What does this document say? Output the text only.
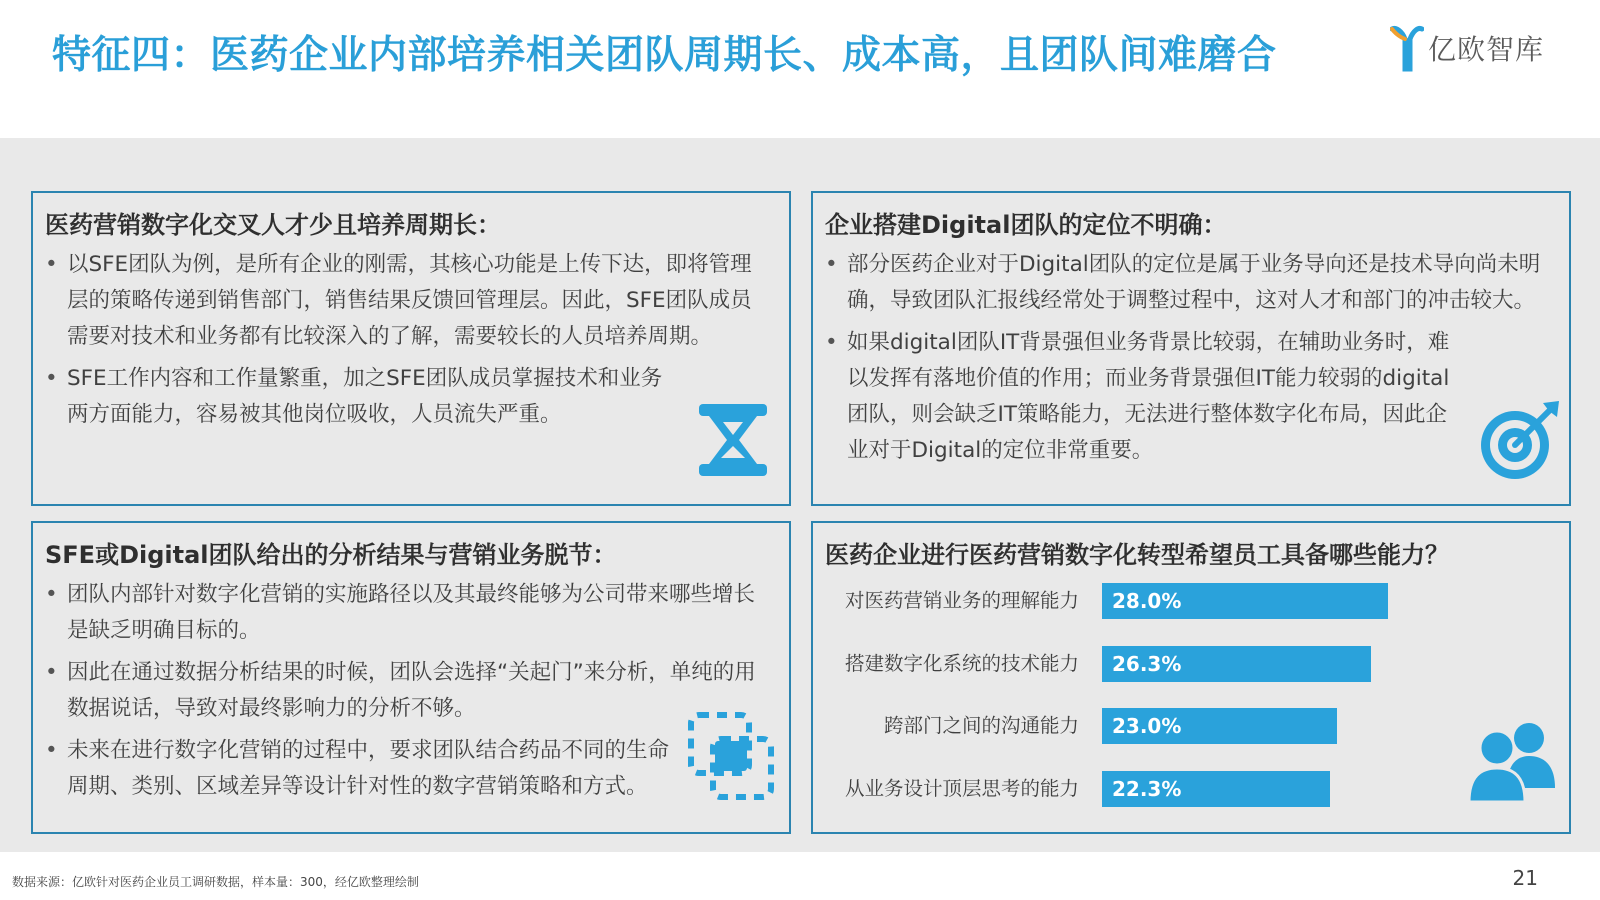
特征四：医药企业内部培养相关团队周期长、成本高，且团队间难磨合	亿欧智库
医药营销数字化交叉人才少且培养周期长：
• 以SFE团队为例，是所有企业的刚需，其核心功能是上传下达，即将管理层的策略传递到销售部门，销售结果反馈回管理层。因此，SFE团队成员需要对技术和业务都有比较深入的了解，需要较长的人员培养周期。
• SFE工作内容和工作量繁重，加之SFE团队成员掌握技术和业务两方面能力，容易被其他岗位吸收，人员流失严重。
企业搭建Digital团队的定位不明确：
• 部分医药企业对于Digital团队的定位是属于业务导向还是技术导向尚未明确，导致团队汇报线经常处于调整过程中，这对人才和部门的冲击较大。
• 如果digital团队IT背景强但业务背景比较弱，在辅助业务时，难以发挥有落地价值的作用；而业务背景强但IT能力较弱的digital团队，则会缺乏IT策略能力，无法进行整体数字化布局，因此企业对于Digital的定位非常重要。
SFE或Digital团队给出的分析结果与营销业务脱节：
• 团队内部针对数字化营销的实施路径以及其最终能够为公司带来哪些增长是缺乏明确目标的。
• 因此在通过数据分析结果的时候，团队会选择“关起门”来分析，单纯的用数据说话，导致对最终影响力的分析不够。
• 未来在进行数字化营销的过程中，要求团队结合药品不同的生命周期、类别、区域差异等设计针对性的数字营销策略和方式。
医药企业进行医药营销数字化转型希望员工具备哪些能力？
对医药营销业务的理解能力 28.0%
搭建数字化系统的技术能力 26.3%
跨部门之间的沟通能力 23.0%
从业务设计顶层思考的能力 22.3%
数据来源：亿欧针对医药企业员工调研数据，样本量：300，经亿欧整理绘制	21
